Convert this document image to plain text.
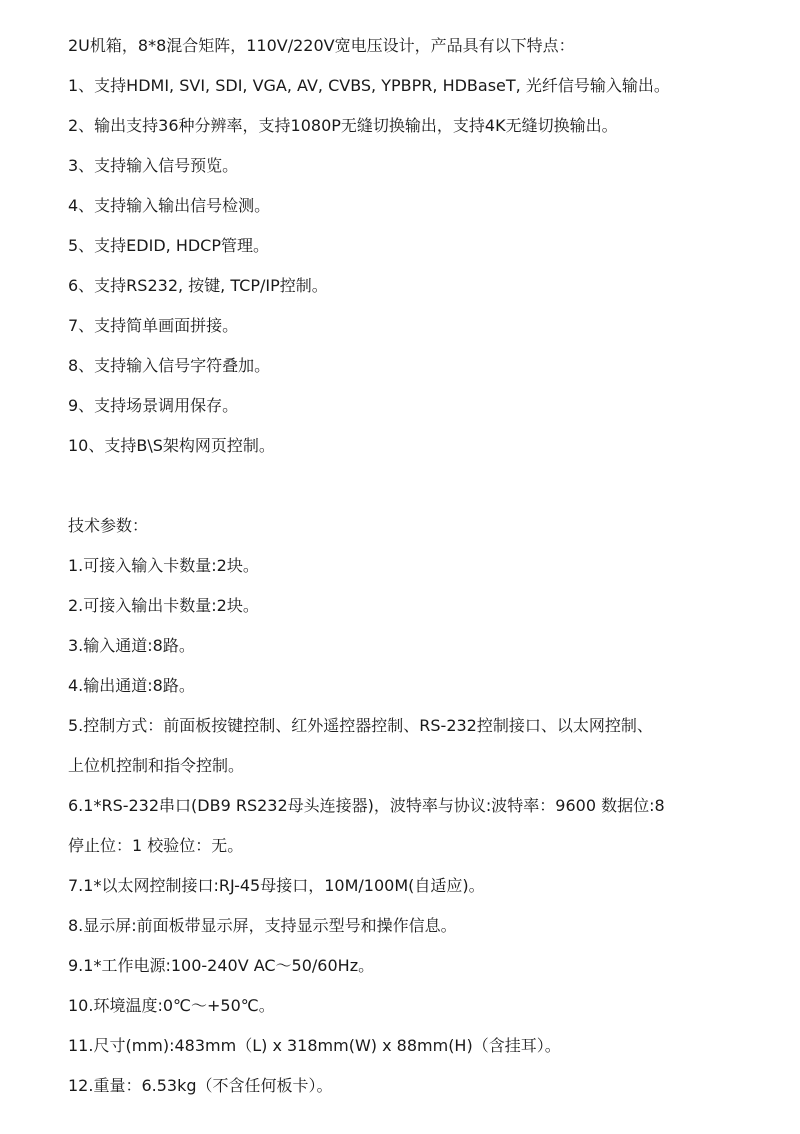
2U机箱，8*8混合矩阵，110V/220V宽电压设计，产品具有以下特点：
1、支持HDMI, SVI, SDI, VGA, AV, CVBS, YPBPR, HDBaseT, 光纤信号输入输出。
2、输出支持36种分辨率，支持1080P无缝切换输出，支持4K无缝切换输出。
3、支持输入信号预览。
4、支持输入输出信号检测。
5、支持EDID, HDCP管理。
6、支持RS232, 按键, TCP/IP控制。
7、支持简单画面拼接。
8、支持输入信号字符叠加。
9、支持场景调用保存。
10、支持B\S架构网页控制。
技术参数：
1.可接入输入卡数量:2块。
2.可接入输出卡数量:2块。
3.输入通道:8路。
4.输出通道:8路。
5.控制方式：前面板按键控制、红外遥控器控制、RS-232控制接口、以太网控制、
上位机控制和指令控制。
6.1*RS-232串口(DB9 RS232母头连接器)，波特率与协议:波特率：9600 数据位:8
停止位：1 校验位：无。
7.1*以太网控制接口:RJ-45母接口，10M/100M(自适应)。
8.显示屏:前面板带显示屏，支持显示型号和操作信息。
9.1*工作电源:100-240V AC～50/60Hz。
10.环境温度:0℃～+50℃。
11.尺寸(mm):483mm（L) x 318mm(W) x 88mm(H)（含挂耳）。
12.重量：6.53kg（不含任何板卡）。
